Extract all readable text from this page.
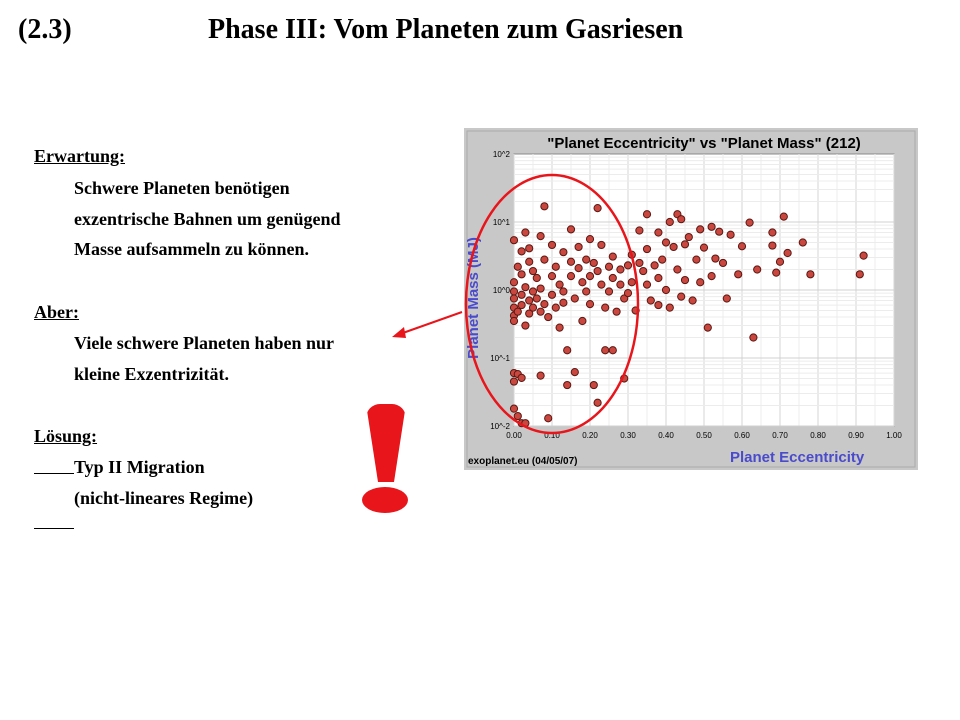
(2.3)	Phase III: Vom Planeten zum Gasriesen
Erwartung:
Schwere Planeten benötigen
exzentrische Bahnen um genügend
Masse aufsammeln zu können.
Aber:
Viele schwere Planeten haben nur
kleine Exzentrizität.
Lösung:
Typ II Migration
(nicht-lineares Regime)
"Planet Eccentricity" vs "Planet Mass" (212)
0.00	0.10	0.20	0.30	0.40	0.50	0.60	0.70	0.80	0.90	1.00
10^2
10^1
10^0
10^-1
10^-2
Planet Eccentricity
Planet Mass (MJ)
exoplanet.eu (04/05/07)
